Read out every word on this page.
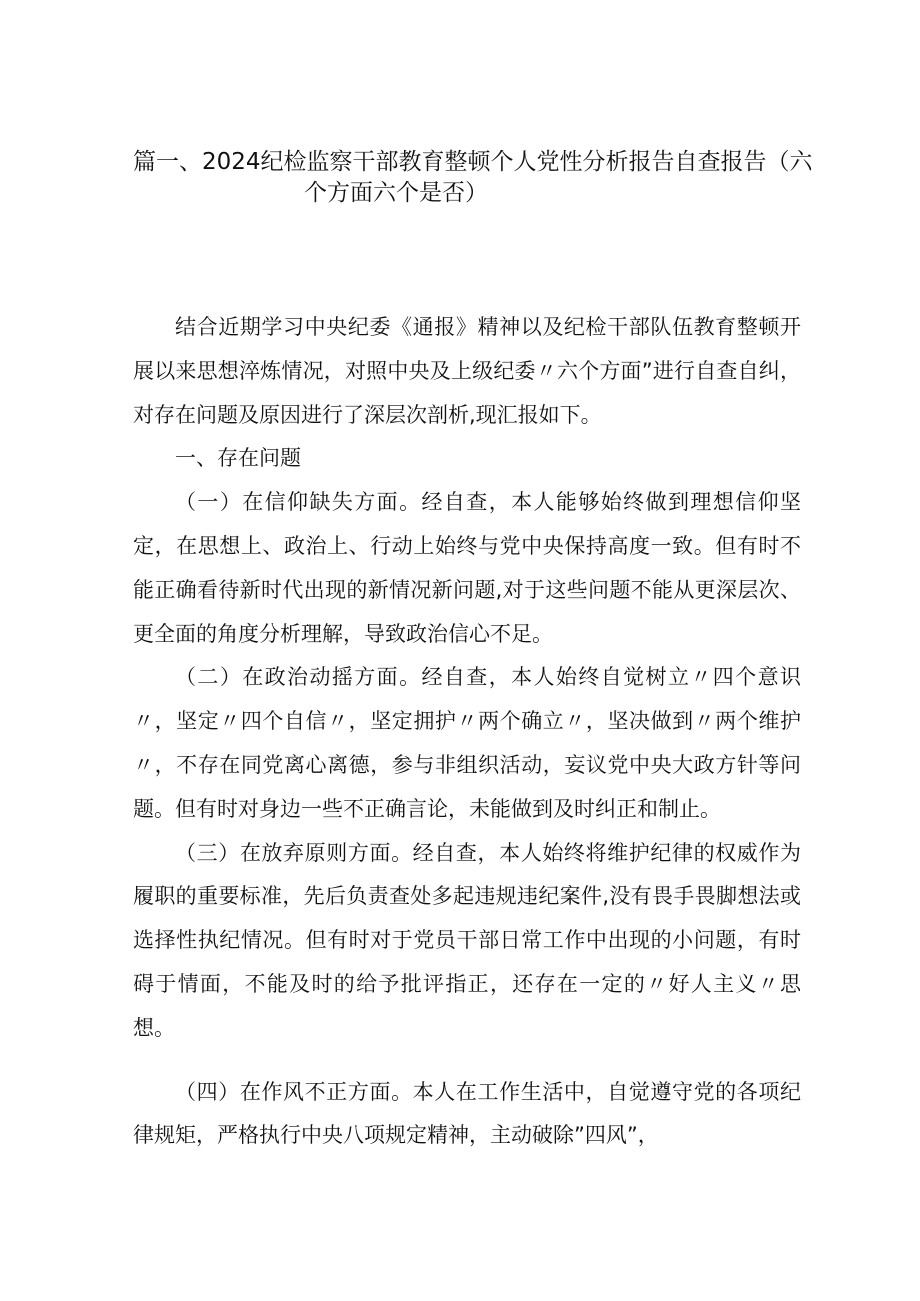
篇一、2024纪检监察干部教育整顿个人党性分析报告自查报告（六
个方面六个是否）

结合近期学习中央纪委《通报》精神以及纪检干部队伍教育整顿开展以来思想淬炼情况，对照中央及上级纪委〃六个方面”进行自查自纠，对存在问题及原因进行了深层次剖析,现汇报如下。

一、存在问题

（一）在信仰缺失方面。经自查，本人能够始终做到理想信仰坚定，在思想上、政治上、行动上始终与党中央保持高度一致。但有时不能正确看待新时代出现的新情况新问题,对于这些问题不能从更深层次、更全面的角度分析理解，导致政治信心不足。

（二）在政治动摇方面。经自查，本人始终自觉树立〃四个意识〃，坚定〃四个自信〃，坚定拥护〃两个确立〃，坚决做到〃两个维护〃，不存在同党离心离德，参与非组织活动，妄议党中央大政方针等问题。但有时对身边一些不正确言论，未能做到及时纠正和制止。

（三）在放弃原则方面。经自查，本人始终将维护纪律的权威作为履职的重要标准，先后负责查处多起违规违纪案件,没有畏手畏脚想法或选择性执纪情况。但有时对于党员干部日常工作中出现的小问题，有时碍于情面，不能及时的给予批评指正，还存在一定的〃好人主义〃思想。

（四）在作风不正方面。本人在工作生活中，自觉遵守党的各项纪律规矩，严格执行中央八项规定精神，主动破除”四风”，
